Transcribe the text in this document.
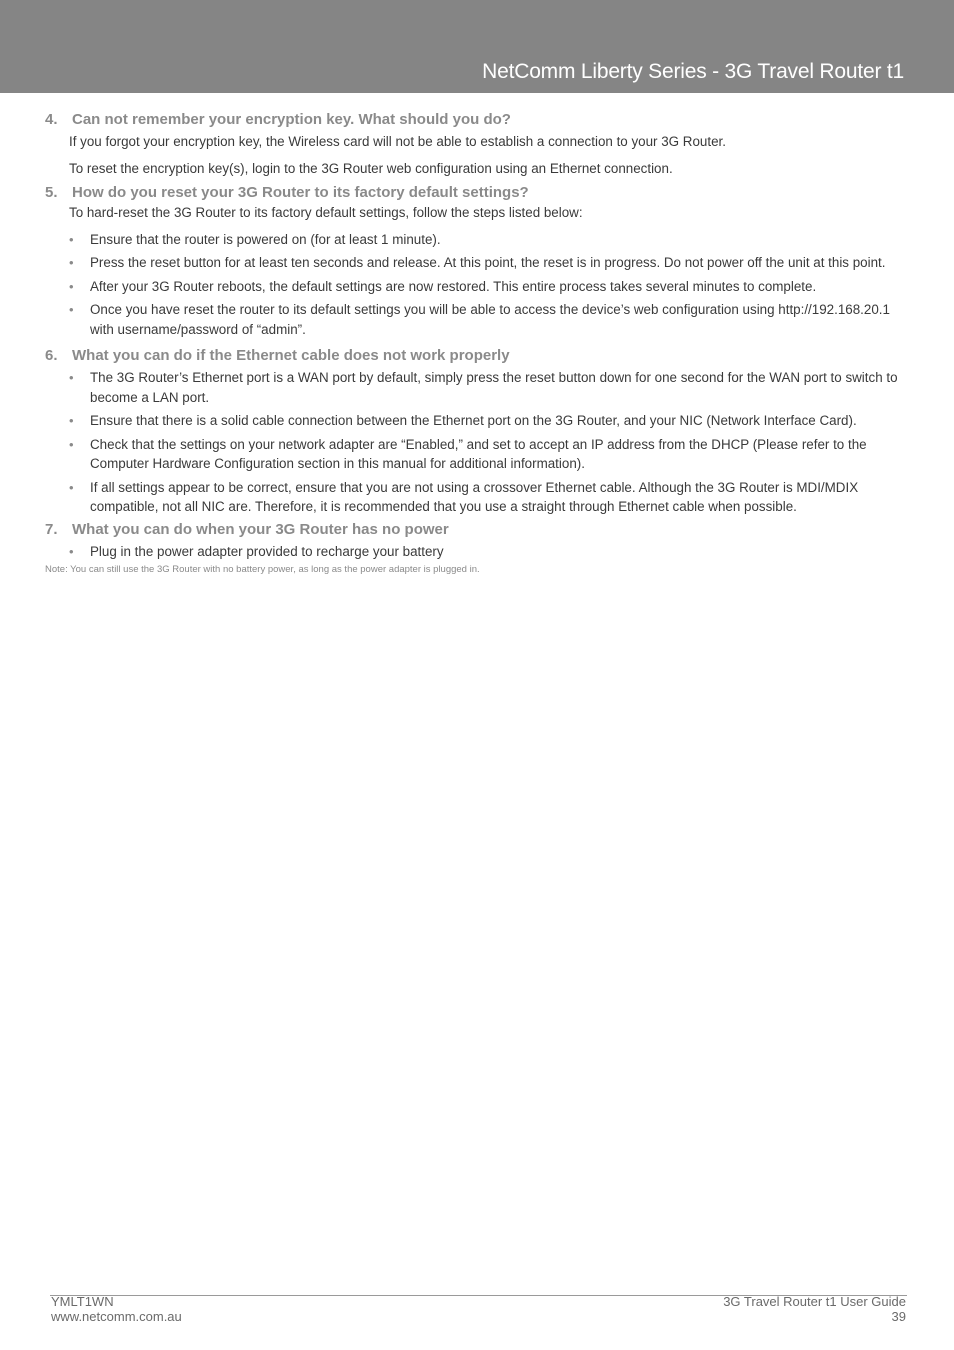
NetComm Liberty Series - 3G Travel Router t1
4. Can not remember your encryption key. What should you do?

If you forgot your encryption key, the Wireless card will not be able to establish a connection to your 3G Router.

To reset the encryption key(s), login to the 3G Router web configuration using an Ethernet connection.

5. How do you reset your 3G Router to its factory default settings?

To hard-reset the 3G Router to its factory default settings, follow the steps listed below:

• Ensure that the router is powered on (for at least 1 minute).
• Press the reset button for at least ten seconds and release. At this point, the reset is in progress. Do not power off the unit at this point.
• After your 3G Router reboots, the default settings are now restored. This entire process takes several minutes to complete.
• Once you have reset the router to its default settings you will be able to access the device’s web configuration using http://192.168.20.1 with username/password of “admin”.
6. What you can do if the Ethernet cable does not work properly
• The 3G Router’s Ethernet port is a WAN port by default, simply press the reset button down for one second for the WAN port to switch to become a LAN port.
• Ensure that there is a solid cable connection between the Ethernet port on the 3G Router, and your NIC (Network Interface Card).
• Check that the settings on your network adapter are “Enabled,” and set to accept an IP address from the DHCP (Please refer to the Computer Hardware Configuration section in this manual for additional information).
• If all settings appear to be correct, ensure that you are not using a crossover Ethernet cable. Although the 3G Router is MDI/MDIX compatible, not all NIC are. Therefore, it is recommended that you use a straight through Ethernet cable when possible.
7. What you can do when your 3G Router has no power
• Plug in the power adapter provided to recharge your battery

Note: You can still use the 3G Router with no battery power, as long as the power adapter is plugged in.

YMLT1WN
www.netcomm.com.au
3G Travel Router t1 User Guide
39
